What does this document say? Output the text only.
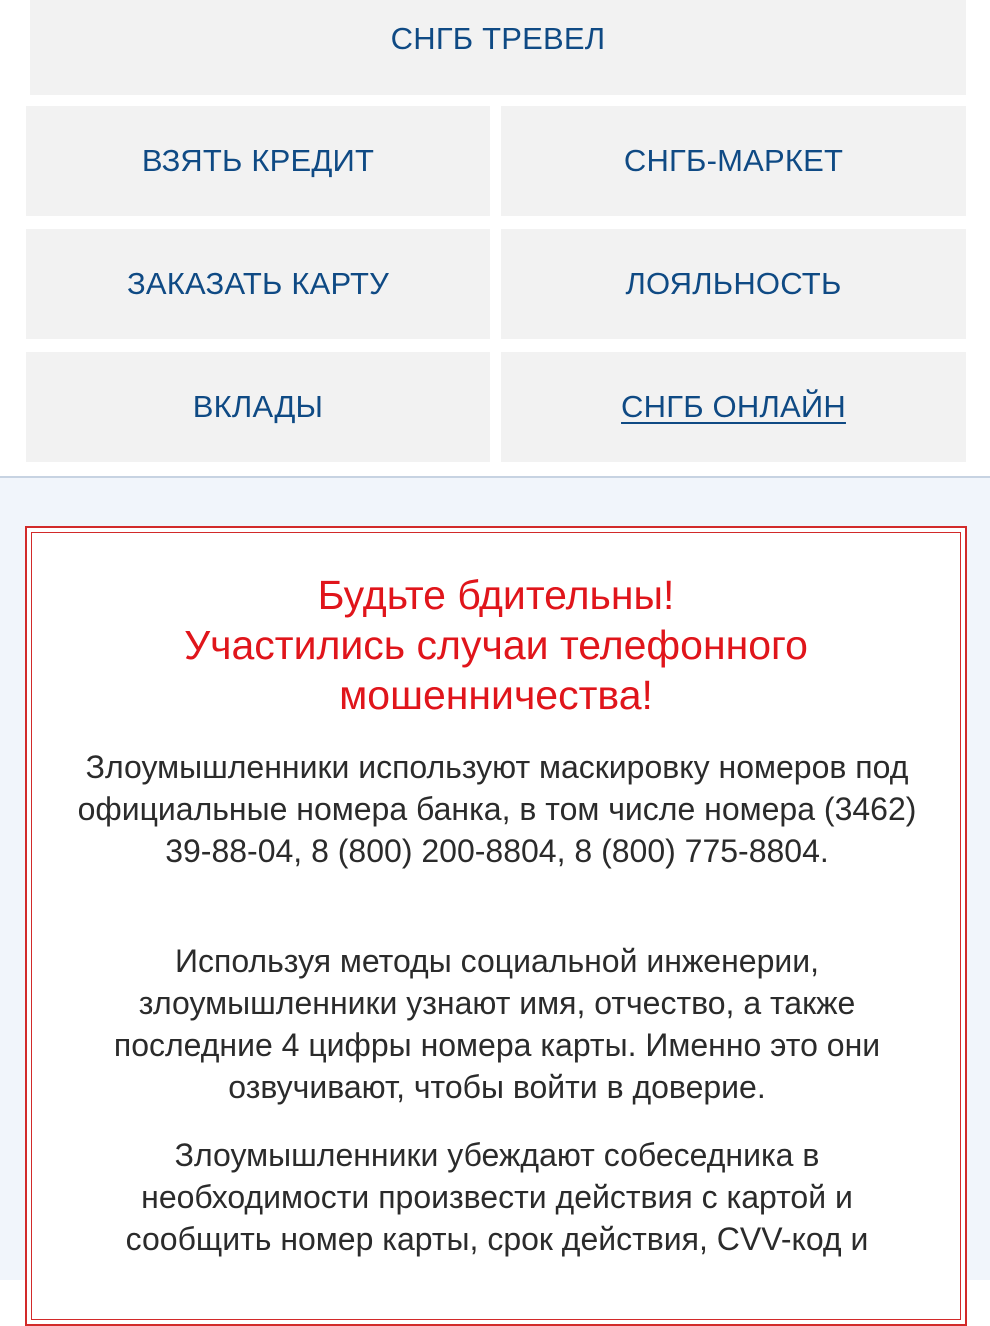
СНГБ ТРЕВЕЛ
ВЗЯТЬ КРЕДИТ	СНГБ-МАРКЕТ
ЗАКАЗАТЬ КАРТУ	ЛОЯЛЬНОСТЬ
ВКЛАДЫ	СНГБ ОНЛАЙН
Будьте бдительны!
Участились случаи телефонного
мошенничества!
Злоумышленники используют маскировку номеров под официальные номера банка, в том числе номера (3462) 39-88-04, 8 (800) 200-8804, 8 (800) 775-8804.
Используя методы социальной инженерии, злоумышленники узнают имя, отчество, а также последние 4 цифры номера карты. Именно это они озвучивают, чтобы войти в доверие.
Злоумышленники убеждают собеседника в необходимости произвести действия с картой и сообщить номер карты, срок действия, CVV-код и
